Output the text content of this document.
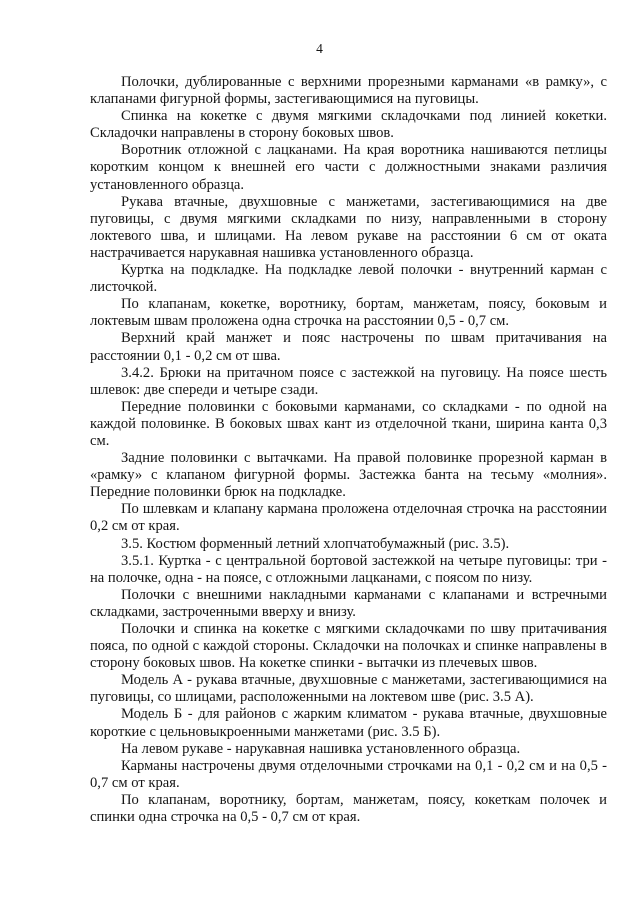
4

Полочки, дублированные с верхними прорезными карманами «в рамку», с клапанами фигурной формы, застегивающимися на пуговицы.

Спинка на кокетке с двумя мягкими складочками под линией кокетки. Складочки направлены в сторону боковых швов.

Воротник отложной с лацканами. На края воротника нашиваются петлицы коротким концом к внешней его части с должностными знаками различия установленного образца.

Рукава втачные, двухшовные с манжетами, застегивающимися на две пуговицы, с двумя мягкими складками по низу, направленными в сторону локтевого шва, и шлицами. На левом рукаве на расстоянии 6 см от оката настрачивается нарукавная нашивка установленного образца.

Куртка на подкладке. На подкладке левой полочки - внутренний карман с листочкой.

По клапанам, кокетке, воротнику, бортам, манжетам, поясу, боковым и локтевым швам проложена одна строчка на расстоянии 0,5 - 0,7 см.

Верхний край манжет и пояс настрочены по швам притачивания на расстоянии 0,1 - 0,2 см от шва.

3.4.2. Брюки на притачном поясе с застежкой на пуговицу. На поясе шесть шлевок: две спереди и четыре сзади.

Передние половинки с боковыми карманами, со складками - по одной на каждой половинке. В боковых швах кант из отделочной ткани, ширина канта 0,3 см.

Задние половинки с вытачками. На правой половинке прорезной карман в «рамку» с клапаном фигурной формы. Застежка банта на тесьму «молния». Передние половинки брюк на подкладке.

По шлевкам и клапану кармана проложена отделочная строчка на расстоянии 0,2 см от края.

3.5. Костюм форменный летний хлопчатобумажный (рис. 3.5).

3.5.1. Куртка - с центральной бортовой застежкой на четыре пуговицы: три - на полочке, одна - на поясе, с отложными лацканами, с поясом по низу.

Полочки с внешними накладными карманами с клапанами и встречными складками, застроченными вверху и внизу.

Полочки и спинка на кокетке с мягкими складочками по шву притачивания пояса, по одной с каждой стороны. Складочки на полочках и спинке направлены в сторону боковых швов. На кокетке спинки - вытачки из плечевых швов.

Модель А - рукава втачные, двухшовные с манжетами, застегивающимися на пуговицы, со шлицами, расположенными на локтевом шве (рис. 3.5 А).

Модель Б - для районов с жарким климатом - рукава втачные, двухшовные короткие с цельновыкроенными манжетами (рис. 3.5 Б).

На левом рукаве - нарукавная нашивка установленного образца.

Карманы настрочены двумя отделочными строчками на 0,1 - 0,2 см и на 0,5 - 0,7 см от края.

По клапанам, воротнику, бортам, манжетам, поясу, кокеткам полочек и спинки одна строчка на 0,5 - 0,7 см от края.
